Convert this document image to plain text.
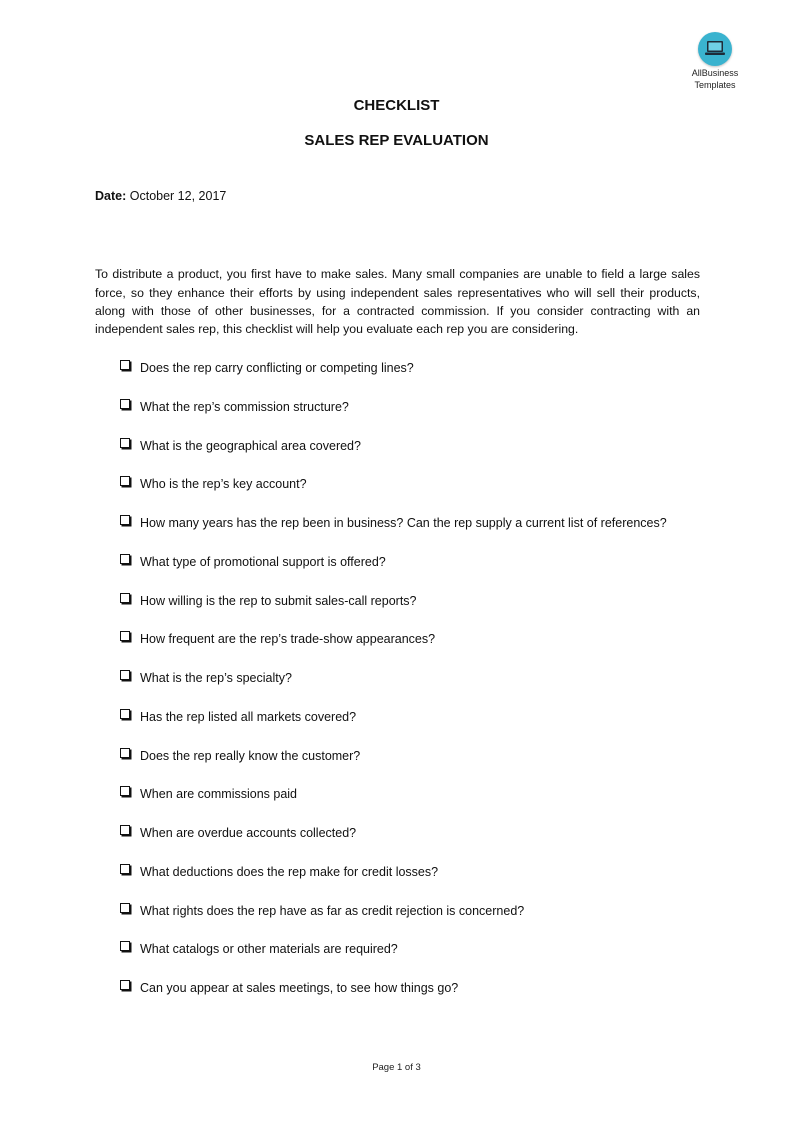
AllBusiness
Templates
CHECKLIST
SALES REP EVALUATION
Date: October 12, 2017

To distribute a product, you first have to make sales. Many small companies are unable to field a large sales force, so they enhance their efforts by using independent sales representatives who will sell their products, along with those of other businesses, for a contracted commission. If you consider contracting with an independent sales rep, this checklist will help you evaluate each rep you are considering.

Does the rep carry conflicting or competing lines?
What the rep’s commission structure?
What is the geographical area covered?
Who is the rep’s key account?
How many years has the rep been in business? Can the rep supply a current list of references?
What type of promotional support is offered?
How willing is the rep to submit sales-call reports?
How frequent are the rep’s trade-show appearances?
What is the rep’s specialty?
Has the rep listed all markets covered?
Does the rep really know the customer?
When are commissions paid
When are overdue accounts collected?
What deductions does the rep make for credit losses?
What rights does the rep have as far as credit rejection is concerned?
What catalogs or other materials are required?
Can you appear at sales meetings, to see how things go?
Page 1 of 3
